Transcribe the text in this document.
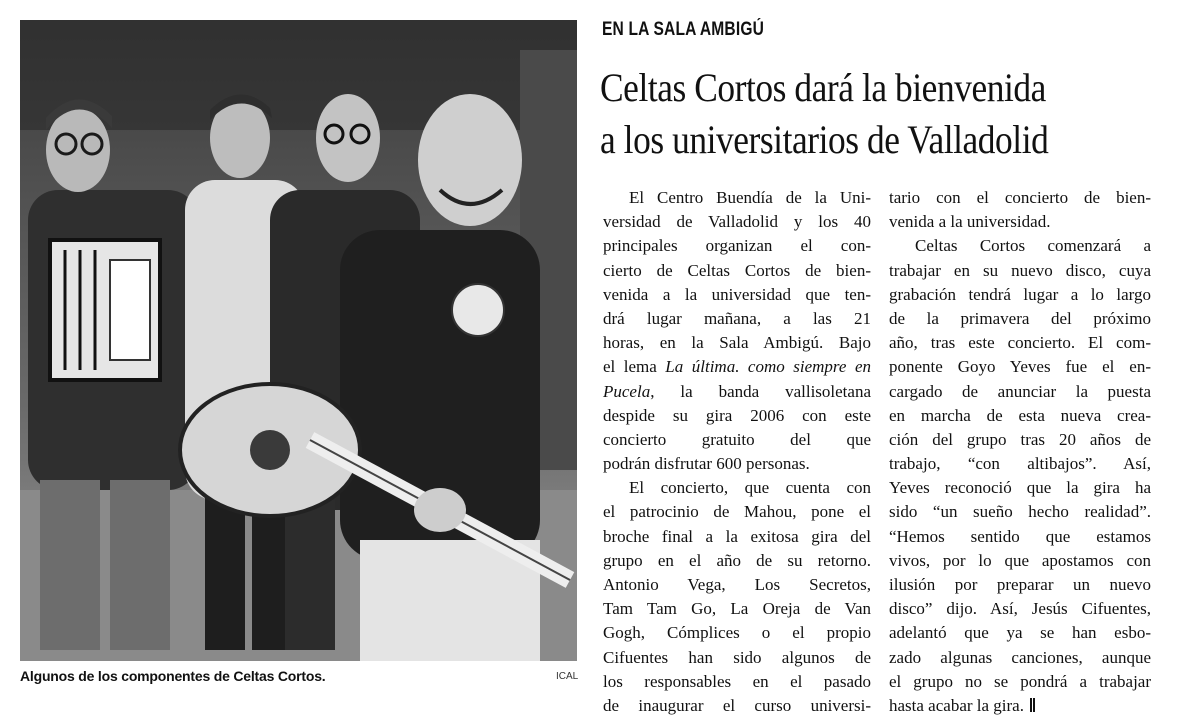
Algunos de los componentes de Celtas Cortos.	ICAL
EN LA SALA AMBIGÚ
Celtas Cortos dará la bienvenida
a los universitarios de Valladolid
El Centro Buendía de la Uni-
versidad de Valladolid y los 40
principales organizan el con-
cierto de Celtas Cortos de bien-
venida a la universidad que ten-
drá lugar mañana, a las 21
horas, en la Sala Ambigú. Bajo
el lema La última. como siempre en
Pucela, la banda vallisoletana
despide su gira 2006 con este
concierto gratuito del que
podrán disfrutar 600 personas.
El concierto, que cuenta con
el patrocinio de Mahou, pone el
broche final a la exitosa gira del
grupo en el año de su retorno.
Antonio Vega, Los Secretos,
Tam Tam Go, La Oreja de Van
Gogh, Cómplices o el propio
Cifuentes han sido algunos de
los responsables en el pasado
de inaugurar el curso universi-
tario con el concierto de bien-
venida a la universidad.
Celtas Cortos comenzará a
trabajar en su nuevo disco, cuya
grabación tendrá lugar a lo largo
de la primavera del próximo
año, tras este concierto. El com-
ponente Goyo Yeves fue el en-
cargado de anunciar la puesta
en marcha de esta nueva crea-
ción del grupo tras 20 años de
trabajo, “con altibajos”. Así,
Yeves reconoció que la gira ha
sido “un sueño hecho realidad”.
“Hemos sentido que estamos
vivos, por lo que apostamos con
ilusión por preparar un nuevo
disco” dijo. Así, Jesús Cifuentes,
adelantó que ya se han esbo-
zado algunas canciones, aunque
el grupo no se pondrá a trabajar
hasta acabar la gira.
